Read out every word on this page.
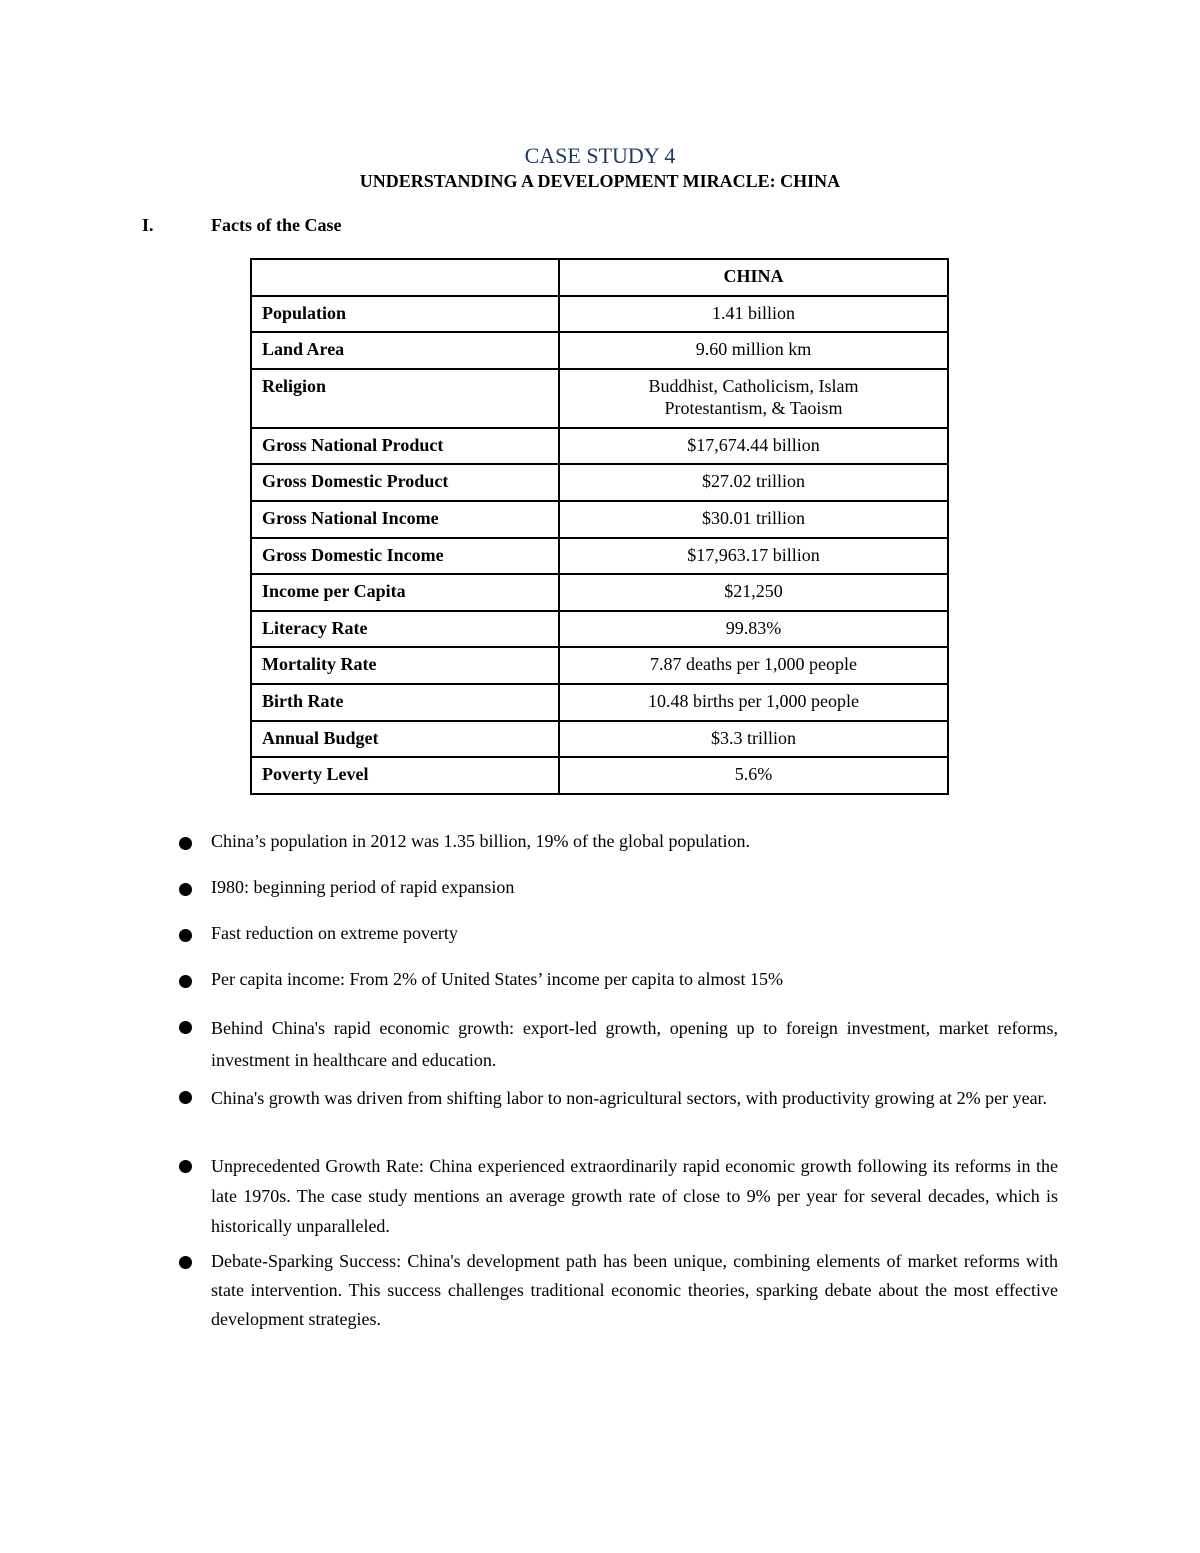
CASE STUDY 4
UNDERSTANDING A DEVELOPMENT MIRACLE: CHINA
I.	Facts of the Case
	CHINA
Population	1.41 billion
Land Area	9.60 million km
Religion	Buddhist, Catholicism, Islam Protestantism, & Taoism
Gross National Product	$17,674.44 billion
Gross Domestic Product	$27.02 trillion
Gross National Income	$30.01 trillion
Gross Domestic Income	$17,963.17 billion
Income per Capita	$21,250
Literacy Rate	99.83%
Mortality Rate	7.87 deaths per 1,000 people
Birth Rate	10.48 births per 1,000 people
Annual Budget	$3.3 trillion
Poverty Level	5.6%
China’s population in 2012 was 1.35 billion, 19% of the global population.
I980: beginning period of rapid expansion
Fast reduction on extreme poverty
Per capita income: From 2% of United States’ income per capita to almost 15%
Behind China's rapid economic growth: export-led growth, opening up to foreign investment, market reforms, investment in healthcare and education.
China's growth was driven from shifting labor to non-agricultural sectors, with productivity growing at 2% per year.
Unprecedented Growth Rate: China experienced extraordinarily rapid economic growth following its reforms in the late 1970s. The case study mentions an average growth rate of close to 9% per year for several decades, which is historically unparalleled.
Debate-Sparking Success: China's development path has been unique, combining elements of market reforms with state intervention. This success challenges traditional economic theories, sparking debate about the most effective development strategies.
